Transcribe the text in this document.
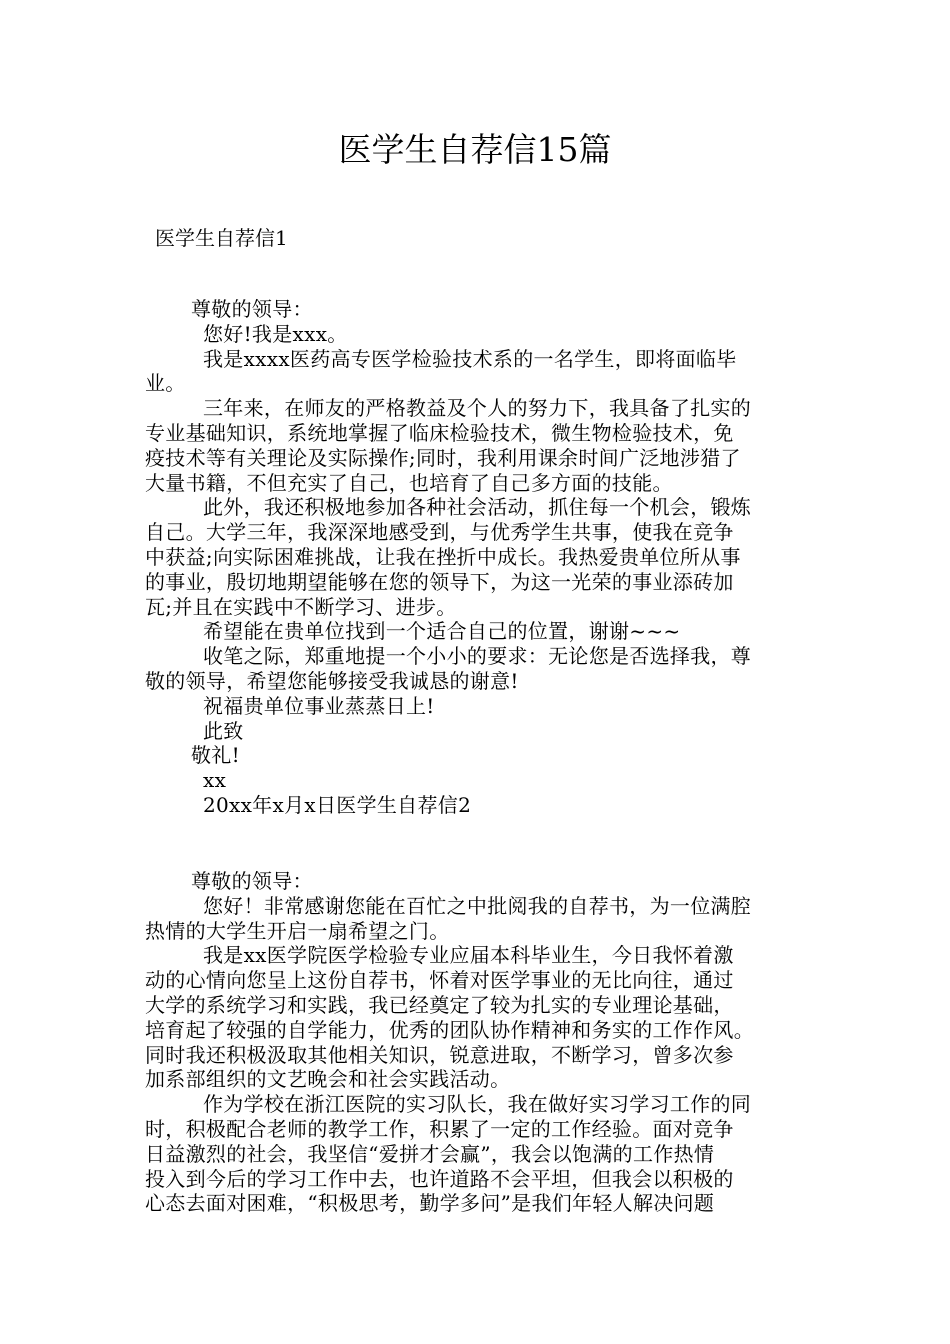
医学生自荐信15篇
医学生自荐信1
尊敬的领导：
您好!我是xxx。
我是xxxx医药高专医学检验技术系的一名学生，即将面临毕
业。
三年来，在师友的严格教益及个人的努力下，我具备了扎实的
专业基础知识，系统地掌握了临床检验技术，微生物检验技术，免
疫技术等有关理论及实际操作;同时，我利用课余时间广泛地涉猎了
大量书籍，不但充实了自己，也培育了自己多方面的技能。
此外，我还积极地参加各种社会活动，抓住每一个机会，锻炼
自己。大学三年，我深深地感受到，与优秀学生共事，使我在竞争
中获益;向实际困难挑战，让我在挫折中成长。我热爱贵单位所从事
的事业，殷切地期望能够在您的领导下，为这一光荣的事业添砖加
瓦;并且在实践中不断学习、进步。
希望能在贵单位找到一个适合自己的位置，谢谢~~~
收笔之际，郑重地提一个小小的要求：无论您是否选择我，尊
敬的领导，希望您能够接受我诚恳的谢意!
祝福贵单位事业蒸蒸日上!
此致
敬礼!
xx
20xx年x月x日医学生自荐信2
尊敬的领导：
您好！非常感谢您能在百忙之中批阅我的自荐书，为一位满腔
热情的大学生开启一扇希望之门。
我是xx医学院医学检验专业应届本科毕业生，今日我怀着激
动的心情向您呈上这份自荐书，怀着对医学事业的无比向往，通过
大学的系统学习和实践，我已经奠定了较为扎实的专业理论基础，
培育起了较强的自学能力，优秀的团队协作精神和务实的工作作风。
同时我还积极汲取其他相关知识，锐意进取，不断学习，曾多次参
加系部组织的文艺晚会和社会实践活动。
作为学校在浙江医院的实习队长，我在做好实习学习工作的同
时，积极配合老师的教学工作，积累了一定的工作经验。面对竞争
日益激烈的社会，我坚信“爱拼才会赢”，我会以饱满的工作热情
投入到今后的学习工作中去，也许道路不会平坦，但我会以积极的
心态去面对困难，“积极思考，勤学多问”是我们年轻人解决问题
